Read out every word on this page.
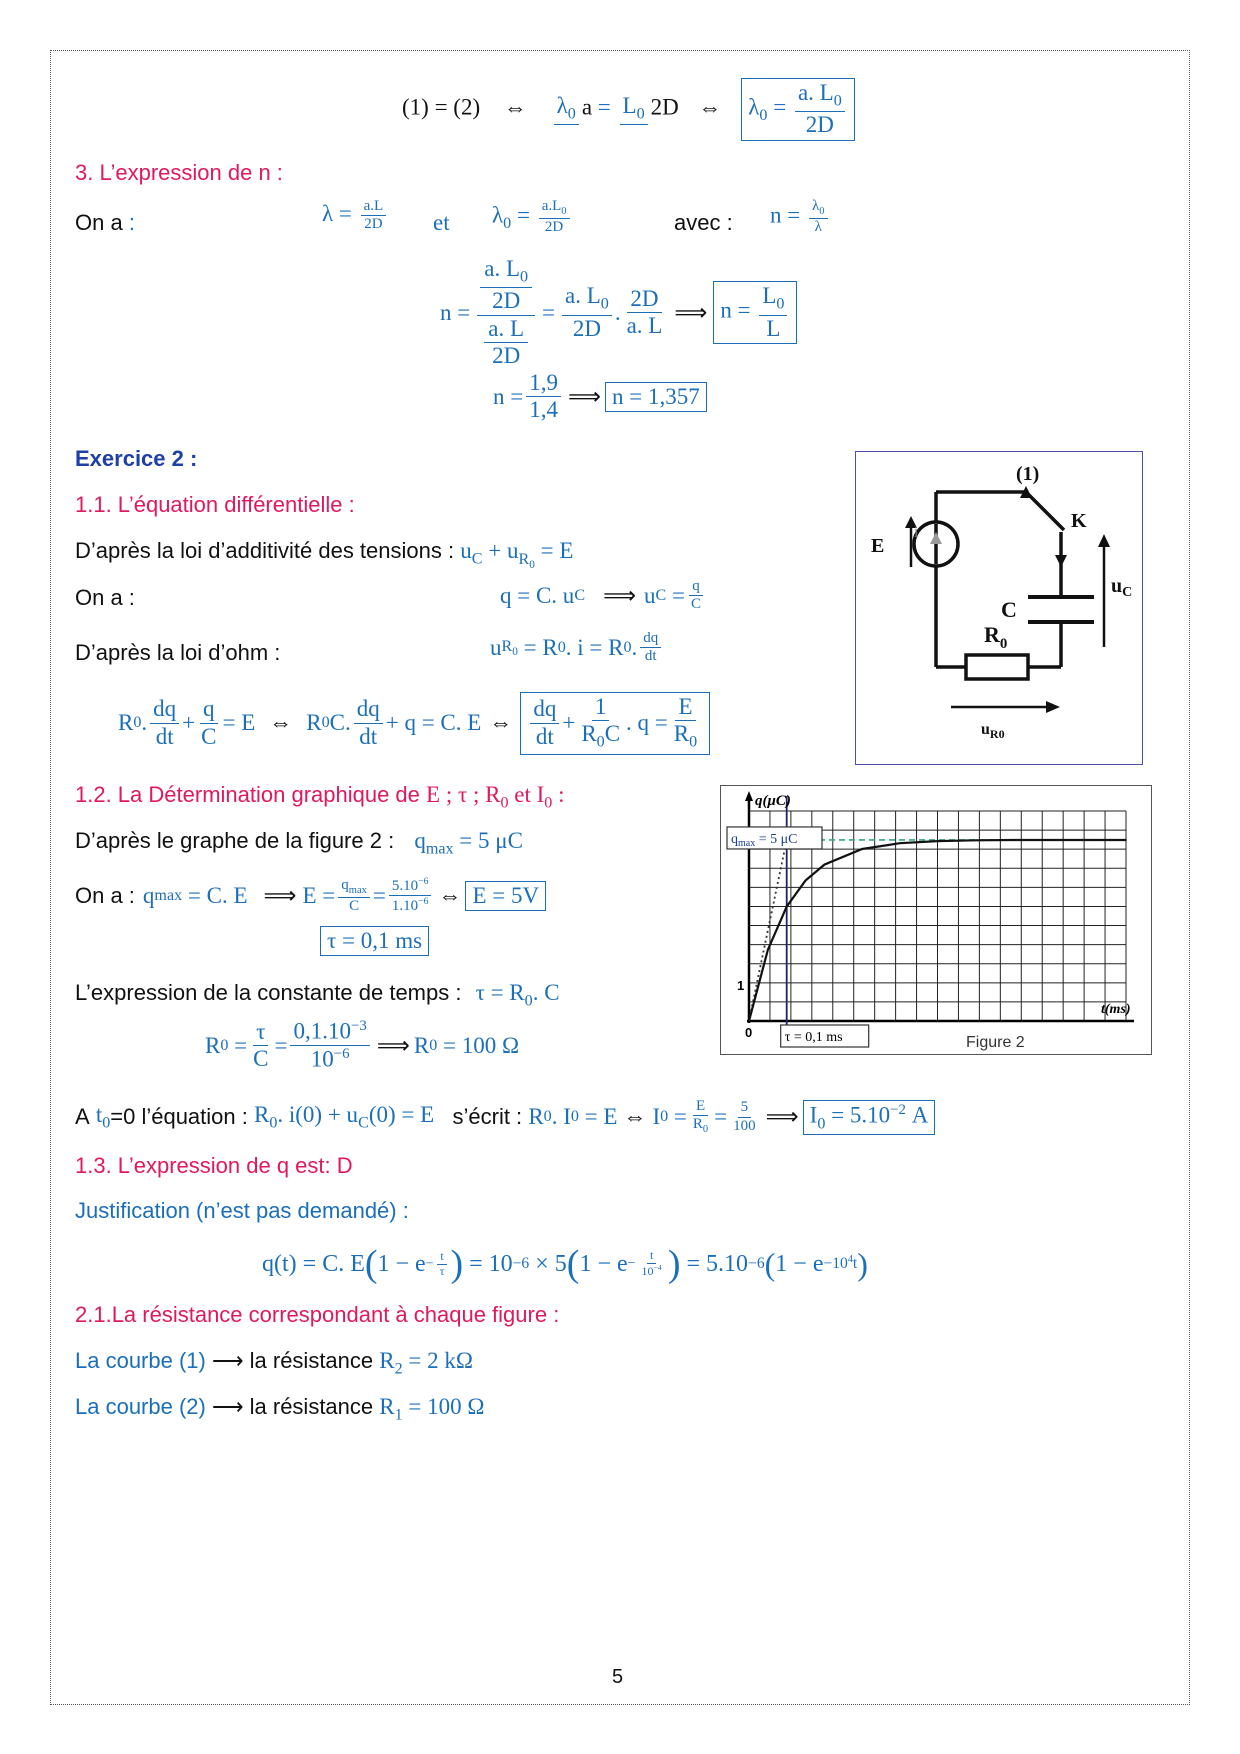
(1) = (2) ⇔ $\lambda_0$ $a = L_0$ 2D ⇔ $\lambda_0 = \frac{a. L_0}{2D}$
3. L’expression de n :
On a :	$\lambda = \frac{a.L}{2D}$ et $\lambda_0 = \frac{a.L_0}{2D}$	avec : $n = \frac{\lambda_0}{\lambda}$
n = a. $L_0$
2D
$\frac{a. L}{2D} = \frac{a. L_0}{2D}$ . $\frac{2D}{a. L}$ ⟹ $n = \frac{L_0}{L}$
$n = \frac{1,9}{1,4}$ ⟹ n = 1,357
Exercice 2 :
1.1. L’équation différentielle :
D’après la loi d’additivité des tensions : $u_C + u_{R_0} = E$
On a :	q = C. u C ⟹ u C = q
C
D’après la loi d’ohm :	u $R_0 = R$ 0 . i = R 0 . dq
dt
R 0 .
dq
dt
+
q
C
= E ⇔ R 0 C.
dq
dt
+ q = C. E ⇔
dq
dt
+
1
$R_0C$ . q =
E
$R_0$
(1)
K
i
E
C
$u_C$
$R_0$
$u_{R0}$
1.2. La Détermination graphique de E ; τ ; $R_0$ et $I_0$ :
D’après le graphe de la figure 2 : $q_{max} = 5$ μC
On a : q max = C. E ⟹ $E = q_{max}$
$C = 5.10^{-6}$
$1.10^{-6}$ ⇔ E = 5V
τ = 0,1 ms
L’expression de la constante de temps : $\tau = R_0$. C
R 0 =
τ
C
=
$0,1.10^{-3}$
$10^{-6}$ ⟹ R 0 = 100 Ω
A
$t_0 =0$ l’équation :
$R_0$. $i(0) + u_C(0) = E$
s’écrit :
R 0 . I 0 = E ⇔ I 0 = E
$R_0$
= 5
100 ⟹ $I_0 = 5.10^{-2}$ A
q(μC)
t(ms)
1
0
$q_{max} = 5$ μC
τ = 0,1 ms	Figure 2
1.3. L’expression de q est: D
Justification (n’est pas demandé) :
q(t) = C. E ( $1 - e - \frac{t}{\tau}$ ) = 10 −6 × 5 ( $1 - e - \frac{t}{10^{-4}}$ ) = 5.10 −6 ( $1 - e -10^4t$ )
2.1.La résistance correspondant à chaque figure :
La courbe (1) ⟶ la résistance $R_2 = 2$ kΩ
La courbe (2) ⟶ la résistance $R_1 = 100$ Ω
5
